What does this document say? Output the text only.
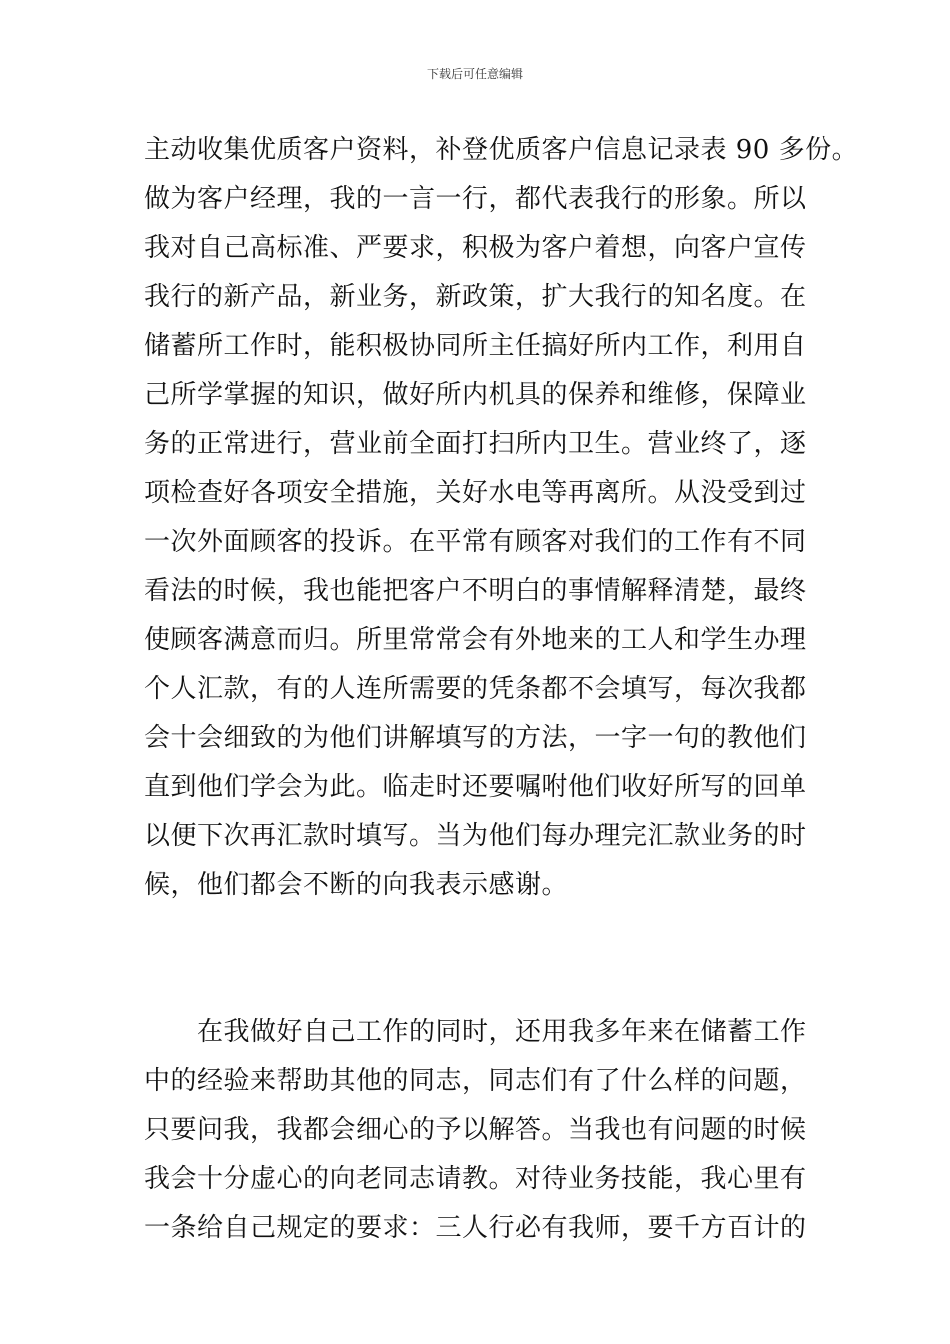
下载后可任意编辑
主动收集优质客户资料，补登优质客户信息记录表 90 多份。
做为客户经理，我的一言一行，都代表我行的形象。所以
我对自己高标准、严要求，积极为客户着想，向客户宣传
我行的新产品，新业务，新政策，扩大我行的知名度。在
储蓄所工作时，能积极协同所主任搞好所内工作，利用自
己所学掌握的知识，做好所内机具的保养和维修，保障业
务的正常进行，营业前全面打扫所内卫生。营业终了，逐
项检查好各项安全措施，关好水电等再离所。从没受到过
一次外面顾客的投诉。在平常有顾客对我们的工作有不同
看法的时候，我也能把客户不明白的事情解释清楚，最终
使顾客满意而归。所里常常会有外地来的工人和学生办理
个人汇款，有的人连所需要的凭条都不会填写，每次我都
会十会细致的为他们讲解填写的方法，一字一句的教他们
直到他们学会为此。临走时还要嘱咐他们收好所写的回单
以便下次再汇款时填写。当为他们每办理完汇款业务的时
候，他们都会不断的向我表示感谢。
　　在我做好自己工作的同时，还用我多年来在储蓄工作
中的经验来帮助其他的同志，同志们有了什么样的问题，
只要问我，我都会细心的予以解答。当我也有问题的时候
我会十分虚心的向老同志请教。对待业务技能，我心里有
一条给自己规定的要求：三人行必有我师，要千方百计的
